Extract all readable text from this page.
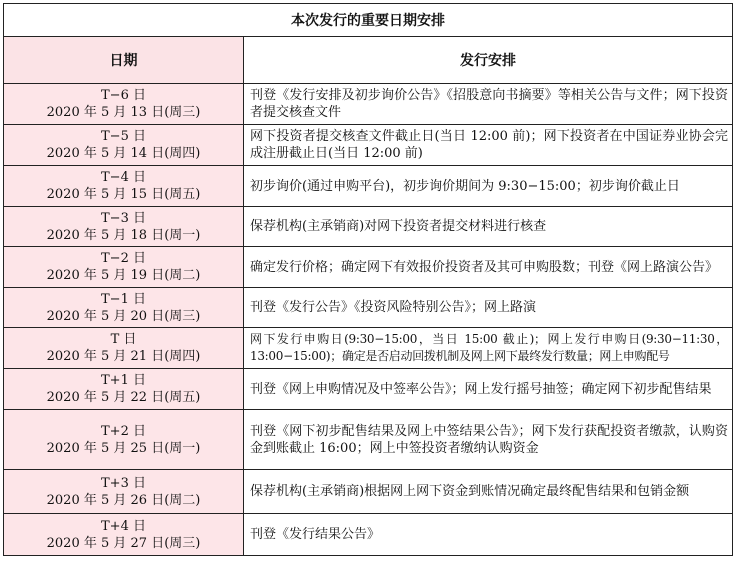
本次发行的重要日期安排	
日期	发行安排

T−6 日
2020 年 5 月 13 日(周三)	刊登《发行安排及初步询价公告》《招股意向书摘要》等相关公告与文件；网下投资者提交核查文件

T−5 日
2020 年 5 月 14 日(周四)	网下投资者提交核查文件截止日(当日 12:00 前)；网下投资者在中国证券业协会完成注册截止日(当日 12:00 前)

T−4 日
2020 年 5 月 15 日(周五)	初步询价(通过申购平台)，初步询价期间为 9:30−15:00；初步询价截止日

T−3 日
2020 年 5 月 18 日(周一)	保荐机构(主承销商)对网下投资者提交材料进行核查

T−2 日
2020 年 5 月 19 日(周二)	确定发行价格；确定网下有效报价投资者及其可申购股数；刊登《网上路演公告》

T−1 日
2020 年 5 月 20 日(周三)	刊登《发行公告》《投资风险特别公告》；网上路演

T 日
2020 年 5 月 21 日(周四)	网下发行申购日(9:30−15:00，当日 15:00 截止)；网上发行申购日(9:30−11:30，13:00−15:00)；确定是否启动回拨机制及网上网下最终发行数量；网上申购配号

T+1 日
2020 年 5 月 22 日(周五)	刊登《网上申购情况及中签率公告》；网上发行摇号抽签；确定网下初步配售结果

T+2 日
2020 年 5 月 25 日(周一)	刊登《网下初步配售结果及网上中签结果公告》；网下发行获配投资者缴款，认购资金到账截止 16:00；网上中签投资者缴纳认购资金

T+3 日
2020 年 5 月 26 日(周二)	保荐机构(主承销商)根据网上网下资金到账情况确定最终配售结果和包销金额

T+4 日
2020 年 5 月 27 日(周三)	刊登《发行结果公告》
